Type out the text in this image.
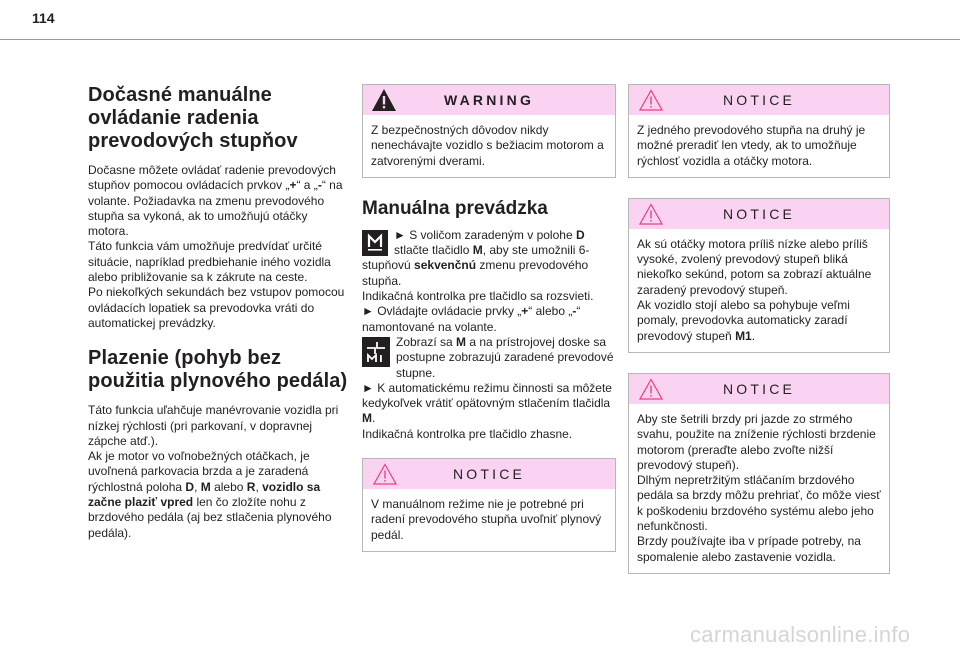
114
Dočasné manuálne ovládanie radenia prevodových stupňov

Dočasne môžete ovládať radenie prevodových stupňov pomocou ovládacích prvkov „+“ a „-“ na volante. Požiadavka na zmenu prevodového stupňa sa vykoná, ak to umožňujú otáčky motora.

Táto funkcia vám umožňuje predvídať určité situácie, napríklad predbiehanie iného vozidla alebo približovanie sa k zákrute na ceste.

Po niekoľkých sekundách bez vstupov pomocou ovládacích lopatiek sa prevodovka vráti do automatickej prevádzky.

Plazenie (pohyb bez použitia plynového pedála)

Táto funkcia uľahčuje manévrovanie vozidla pri nízkej rýchlosti (pri parkovaní, v dopravnej zápche atď.).

Ak je motor vo voľnobežných otáčkach, je uvoľnená parkovacia brzda a je zaradená rýchlostná poloha D, M alebo R, vozidlo sa začne plaziť vpred len čo zložíte nohu z brzdového pedála (aj bez stlačenia plynového pedála).

WARNING
Z bezpečnostných dôvodov nikdy nenechávajte vozidlo s bežiacim motorom a zatvorenými dverami.
Manuálna prevádzka

► S voličom zaradeným v polohe D stlačte tlačidlo M, aby ste umožnili 6-stupňovú sekvenčnú zmenu prevodového stupňa.

Indikačná kontrolka pre tlačidlo sa rozsvieti.

► Ovládajte ovládacie prvky „+“ alebo „-“ namontované na volante.

Zobrazí sa M a na prístrojovej doske sa postupne zobrazujú zaradené prevodové stupne.

► K automatickému režimu činnosti sa môžete kedykoľvek vrátiť opätovným stlačením tlačidla M.

Indikačná kontrolka pre tlačidlo zhasne.

NOTICE
V manuálnom režime nie je potrebné pri radení prevodového stupňa uvoľniť plynový pedál.
NOTICE
Z jedného prevodového stupňa na druhý je možné preradiť len vtedy, ak to umožňuje rýchlosť vozidla a otáčky motora.
NOTICE
Ak sú otáčky motora príliš nízke alebo príliš vysoké, zvolený prevodový stupeň bliká niekoľko sekúnd, potom sa zobrazí aktuálne zaradený prevodový stupeň.
Ak vozidlo stojí alebo sa pohybuje veľmi pomaly, prevodovka automaticky zaradí prevodový stupeň M1.
NOTICE
Aby ste šetrili brzdy pri jazde zo strmého svahu, použite na zníženie rýchlosti brzdenie motorom (preraďte alebo zvoľte nižší prevodový stupeň).
Dlhým nepretržitým stláčaním brzdového pedála sa brzdy môžu prehriať, čo môže viesť k poškodeniu brzdového systému alebo jeho nefunkčnosti.
Brzdy používajte iba v prípade potreby, na spomalenie alebo zastavenie vozidla.
carmanualsonline.info
